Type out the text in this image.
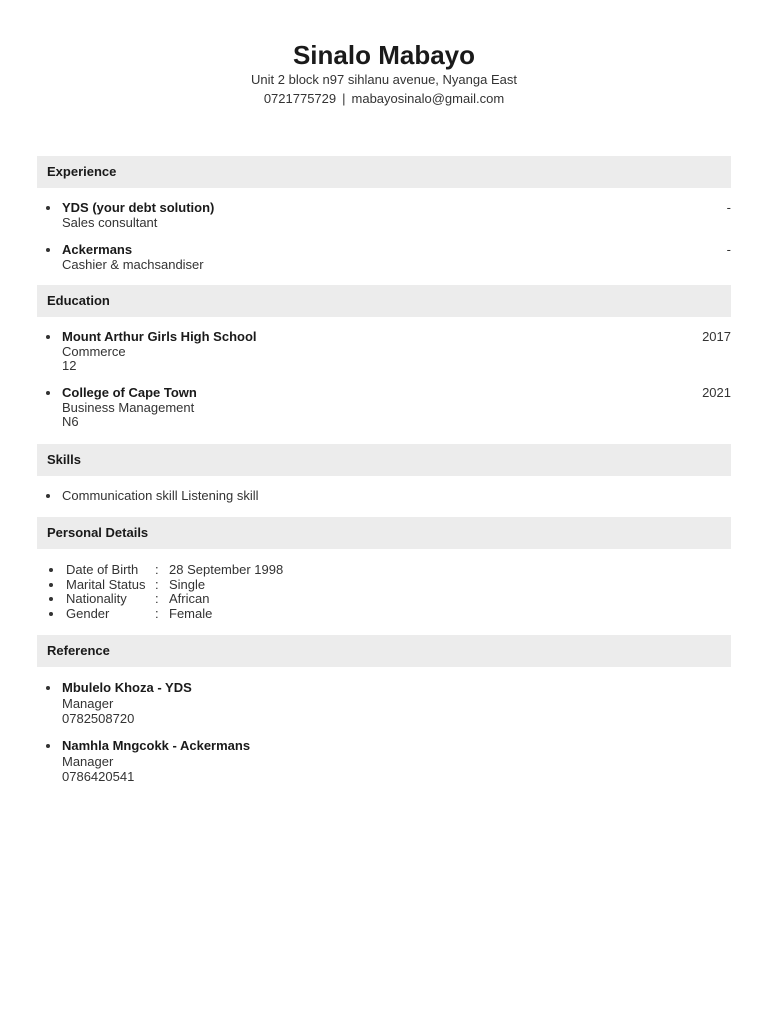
Sinalo Mabayo
Unit 2 block n97 sihlanu avenue, Nyanga East
0721775729 | mabayosinalo@gmail.com
Experience
YDS (your debt solution)	-
Sales consultant
Ackermans	-
Cashier & machsandiser
Education
Mount Arthur Girls High School	2017
Commerce
12
College of Cape Town	2021
Business Management
N6
Skills
Communication skill Listening skill
Personal Details
Date of Birth : 28 September 1998
Marital Status : Single
Nationality : African
Gender	: Female
Reference
Mbulelo Khoza - YDS
Manager
0782508720
Namhla Mngcokk - Ackermans
Manager
0786420541
